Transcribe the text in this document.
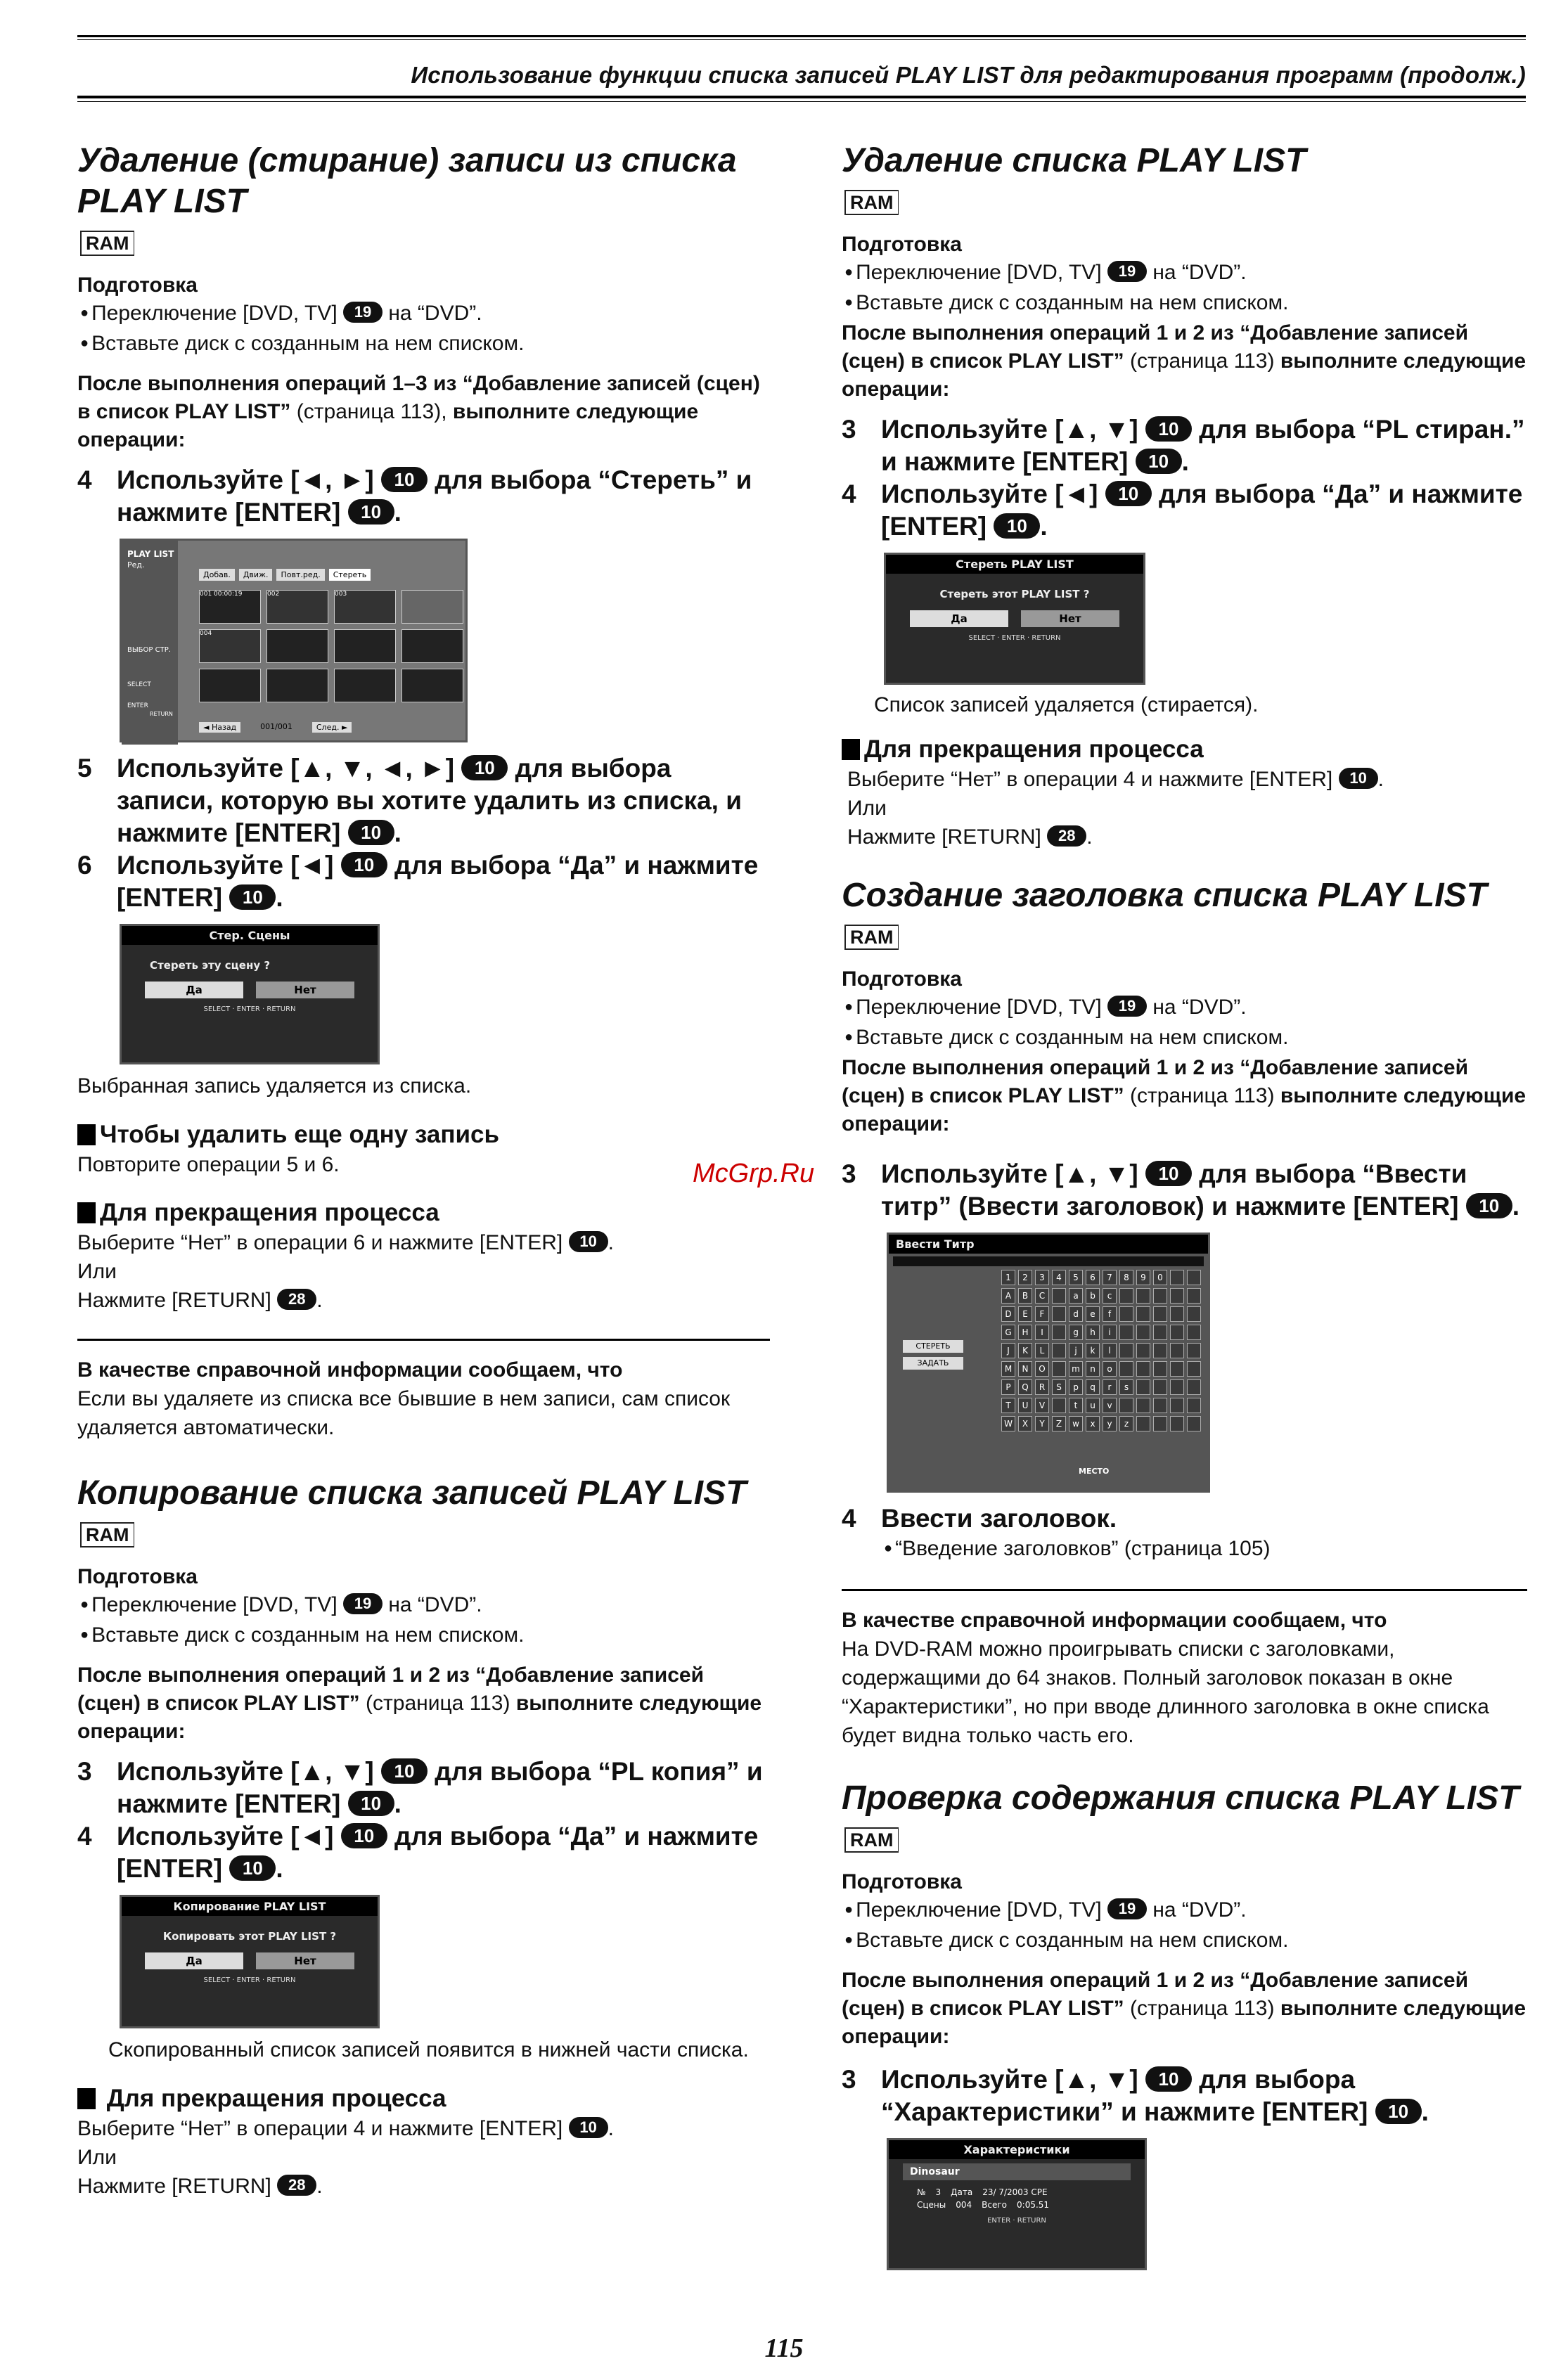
Использование функции списка записей PLAY LIST для редактирования программ (продолж.)
Удаление (стирание) записи из списка PLAY LIST
RAM
Подготовка
● Переключение [DVD, TV] 19 на “DVD”.
● Вставьте диск с созданным на нем списком.
После выполнения операций 1–3 из “Добавление записей (сцен) в список PLAY LIST” (страница 113), выполните следующие операции:
4 Используйте [◄, ►] 10 для выбора “Стереть” и нажмите [ENTER] 10 .
PLAY LIST
Ред.
ВЫБОР СТР.
SELECT
ENTER
RETURN
Добав.	Движ.	Повт.ред.	Стереть
001 00:00:19	002	003
004
◄ Назад	001/001	След. ►
5 Используйте [▲, ▼, ◄, ►] 10 для выбора записи, которую вы хотите удалить из списка, и нажмите [ENTER] 10 .
6 Используйте [◄] 10 для выбора “Да” и нажмите [ENTER] 10 .
Стер. Сцены
Стереть эту сцену ?
Да	Нет
SELECT · ENTER · RETURN
Выбранная запись удаляется из списка.
Чтобы удалить еще одну запись
Повторите операции 5 и 6.
Для прекращения процесса
Выберите “Нет” в операции 6 и нажмите [ENTER] 10 .
Или
Нажмите [RETURN] 28 .
В качестве справочной информации сообщаем, что
Если вы удаляете из списка все бывшие в нем записи, сам список удаляется автоматически.
Копирование списка записей PLAY LIST
RAM
Подготовка
● Переключение [DVD, TV] 19 на “DVD”.
● Вставьте диск с созданным на нем списком.
После выполнения операций 1 и 2 из “Добавление записей (сцен) в список PLAY LIST” (страница 113) выполните следующие операции:
3 Используйте [▲, ▼] 10 для выбора “PL копия” и нажмите [ENTER] 10 .
4 Используйте [◄] 10 для выбора “Да” и нажмите [ENTER] 10 .
Копирование PLAY LIST
Копировать этот PLAY LIST ?
Да	Нет
SELECT · ENTER · RETURN
Скопированный список записей появится в нижней части списка.

Для прекращения процесса
Выберите “Нет” в операции 4 и нажмите [ENTER] 10 .
Или
Нажмите [RETURN] 28 .
Удаление списка PLAY LIST
RAM
Подготовка
● Переключение [DVD, TV] 19 на “DVD”.
● Вставьте диск с созданным на нем списком.
После выполнения операций 1 и 2 из “Добавление записей (сцен) в список PLAY LIST” (страница 113) выполните следующие операции:
3 Используйте [▲, ▼] 10 для выбора “PL стиран.” и нажмите [ENTER] 10 .
4 Используйте [◄] 10 для выбора “Да” и нажмите [ENTER] 10 .
Стереть PLAY LIST
Стереть этот PLAY LIST ?
Да	Нет
SELECT · ENTER · RETURN
Список записей удаляется (стирается).
Для прекращения процесса
Выберите “Нет” в операции 4 и нажмите [ENTER] 10 .
Или
Нажмите [RETURN] 28 .
Создание заголовка списка PLAY LIST
RAM
Подготовка
● Переключение [DVD, TV] 19 на “DVD”.
● Вставьте диск с созданным на нем списком.
После выполнения операций 1 и 2 из “Добавление записей (сцен) в список PLAY LIST” (страница 113) выполните следующие операции:
3 Используйте [▲, ▼] 10 для выбора “Ввести титр” (Ввести заголовок) и нажмите [ENTER] 10 .
Ввести Титр
СТЕРЕТЬ
ЗАДАТЬ
1	2	3	4	5	6	7	8	9	0
A	B	C	a	b	c
D	E	F	d	e	f
G	H	I	g	h	i
J	K	L	j	k	l
M	N	O	m	n	o
P	Q	R	S	p	q	r	s
T	U	V	t	u	v
W	X	Y	Z	w	x	y	z
МЕСТО
4 Ввести заголовок.
● “Введение заголовков” (страница 105)
В качестве справочной информации сообщаем, что
На DVD-RAM можно проигрывать списки с заголовками, содержащими до 64 знаков. Полный заголовок показан в окне “Характеристики”, но при вводе длинного заголовка в окне списка будет видна только часть его.
Проверка содержания списка PLAY LIST
RAM
Подготовка
● Переключение [DVD, TV] 19 на “DVD”.
● Вставьте диск с созданным на нем списком.
После выполнения операций 1 и 2 из “Добавление записей (сцен) в список PLAY LIST” (страница 113) выполните следующие операции:
3 Используйте [▲, ▼] 10 для выбора “Характеристики” и нажмите [ENTER] 10 .
Характеристики
Dinosaur
№ 3 Дата 23/ 7/2003 СРЕ
Сцены 004 Всего 0:05.51
ENTER · RETURN
McGrp.Ru
115
